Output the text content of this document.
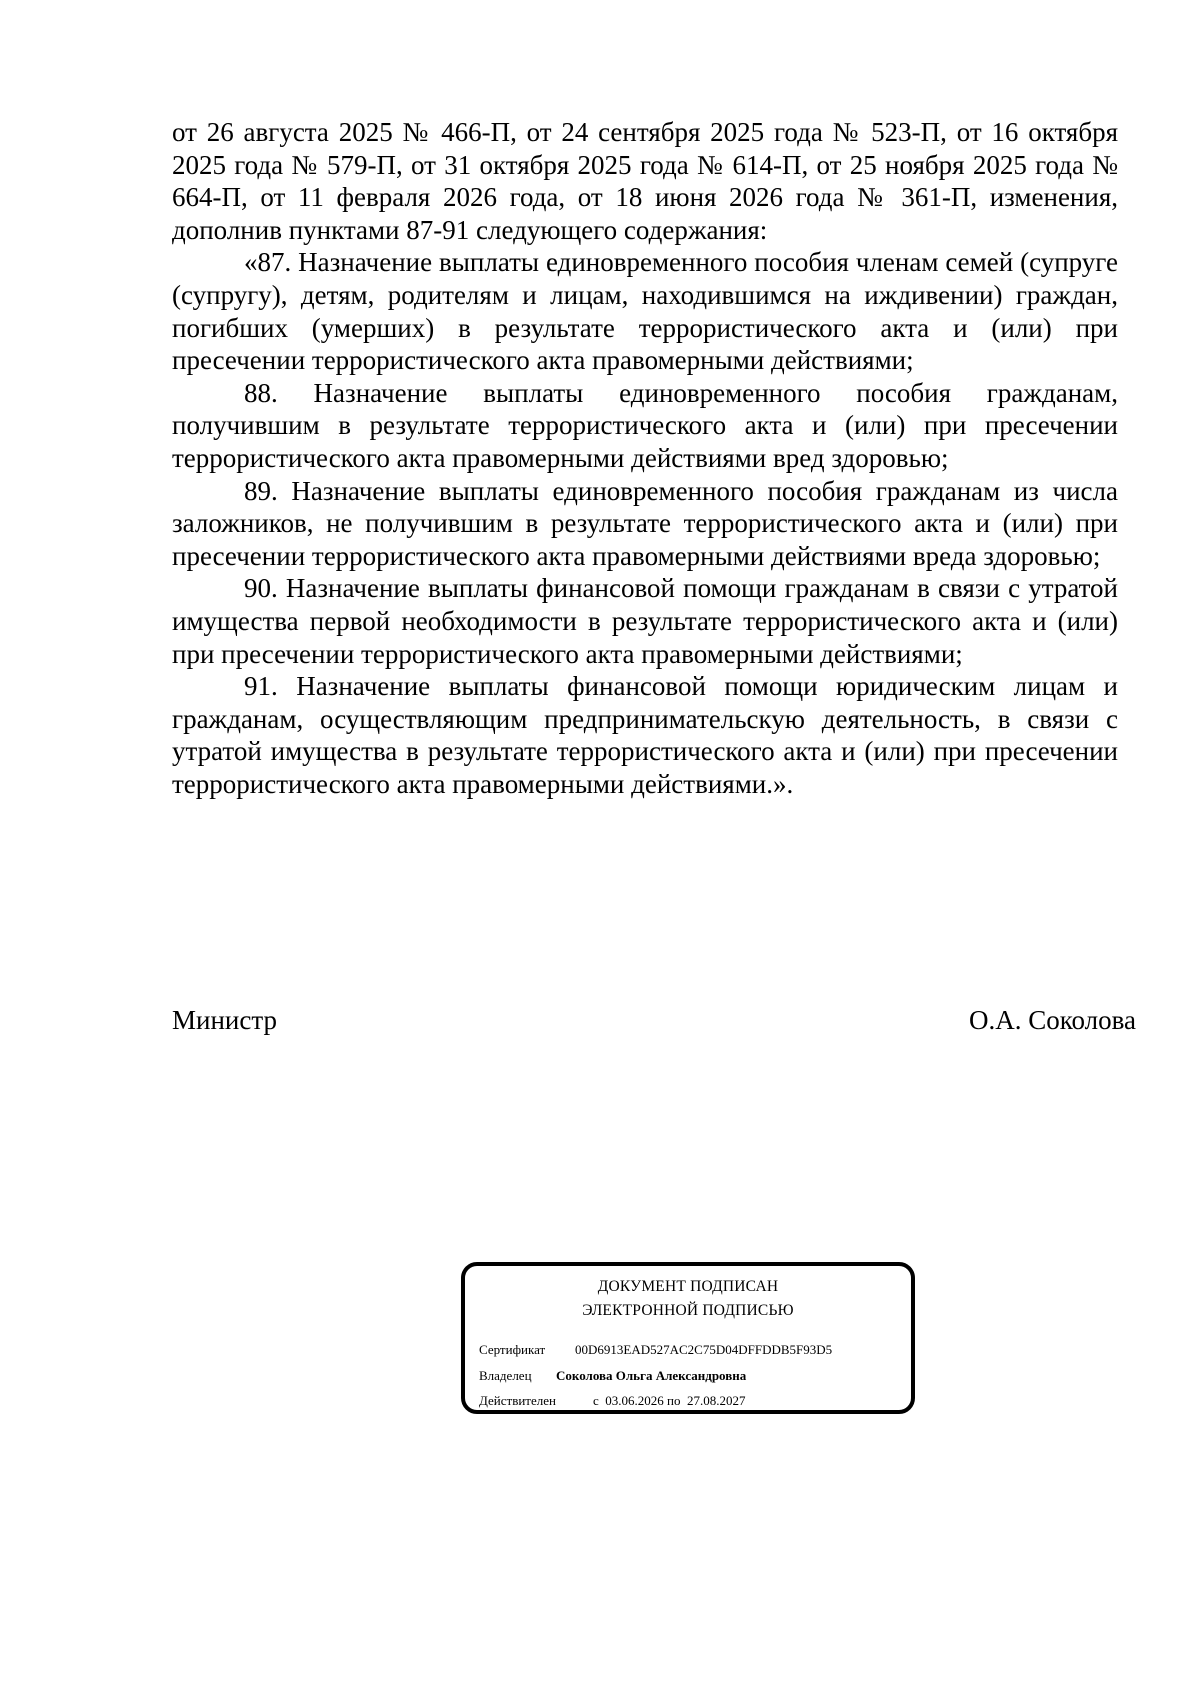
от 26 августа 2025 № 466-П, от 24 сентября 2025 года № 523-П, от 16 октября 2025 года № 579-П, от 31 октября 2025 года № 614-П, от 25 ноября 2025 года № 664-П, от 11 февраля 2026 года, от 18 июня 2026 года № 361-П, изменения, дополнив пунктами 87-91 следующего содержания:

«87. Назначение выплаты единовременного пособия членам семей (супруге (супругу), детям, родителям и лицам, находившимся на иждивении) граждан, погибших (умерших) в результате террористического акта и (или) при пресечении террористического акта правомерными действиями;

88. Назначение выплаты единовременного пособия гражданам, получившим в результате террористического акта и (или) при пресечении террористического акта правомерными действиями вред здоровью;

89. Назначение выплаты единовременного пособия гражданам из числа заложников, не получившим в результате террористического акта и (или) при пресечении террористического акта правомерными действиями вреда здоровью;

90. Назначение выплаты финансовой помощи гражданам в связи с утратой имущества первой необходимости в результате террористического акта и (или) при пресечении террористического акта правомерными действиями;

91. Назначение выплаты финансовой помощи юридическим лицам и гражданам, осуществляющим предпринимательскую деятельность, в связи с утратой имущества в результате террористического акта и (или) при пресечении террористического акта правомерными действиями.».

Министр	О.А. Соколова
ДОКУМЕНТ ПОДПИСАН
ЭЛЕКТРОННОЙ ПОДПИСЬЮ
Сертификат 00D6913EAD527AC2C75D04DFFDDB5F93D5
Владелец Соколова Ольга Александровна
Действителен	с  03.06.2026 по  27.08.2027
